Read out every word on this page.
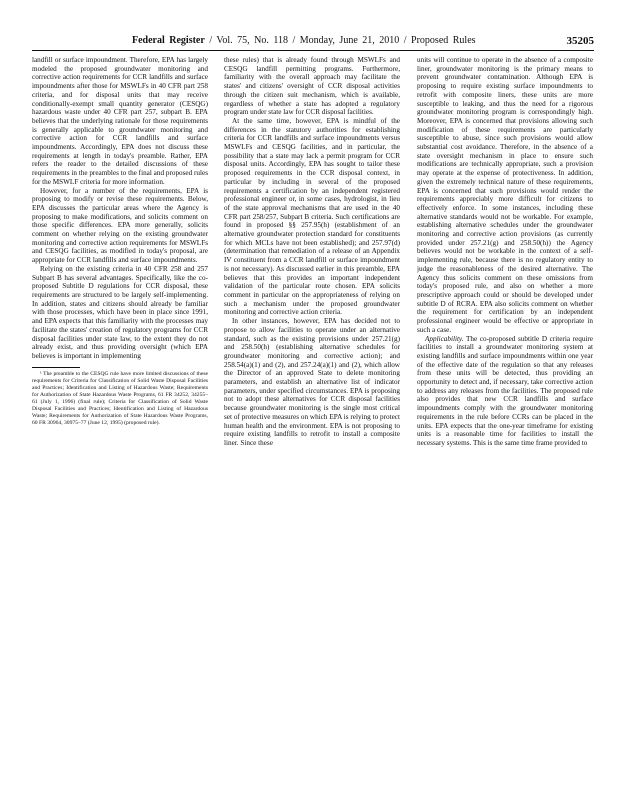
Federal Register / Vol. 75, No. 118 / Monday, June 21, 2010 / Proposed Rules	35205

landfill or surface impoundment. Therefore, EPA has largely modeled the proposed groundwater monitoring and corrective action requirements for CCR landfills and surface impoundments after those for MSWLFs in 40 CFR part 258 criteria, and for disposal units that may receive conditionally-exempt small quantity generator (CESQG) hazardous waste under 40 CFR part 257, subpart B. EPA believes that the underlying rationale for those requirements is generally applicable to groundwater monitoring and corrective action for CCR landfills and surface impoundments. Accordingly, EPA does not discuss these requirements at length in today's preamble. Rather, EPA refers the reader to the detailed discussions of these requirements in the preambles to the final and proposed rules for the MSWLF criteria for more information.

However, for a number of the requirements, EPA is proposing to modify or revise these requirements. Below, EPA discusses the particular areas where the Agency is proposing to make modifications, and solicits comment on those specific differences. EPA more generally, solicits comment on whether relying on the existing groundwater monitoring and corrective action requirements for MSWLFs and CESQG facilities, as modified in today's proposal, are appropriate for CCR landfills and surface impoundments.

Relying on the existing criteria in 40 CFR 258 and 257 Subpart B has several advantages. Specifically, like the co-proposed Subtitle D regulations for CCR disposal, these requirements are structured to be largely self-implementing. In addition, states and citizens should already be familiar with those processes, which have been in place since 1991, and EPA expects that this familiarity with the processes may facilitate the states' creation of regulatory programs for CCR disposal facilities under state law, to the extent they do not already exist, and thus providing oversight (which EPA believes is important in implementing

¹ The preamble to the CESQG rule have more limited discussions of these requirements for Criteria for Classification of Solid Waste Disposal Facilities and Practices; Identification and Listing of Hazardous Waste; Requirements for Authorization of State Hazardous Waste Programs, 61 FR 34252, 34255–61 (July 1, 1996) (final rule); Criteria for Classification of Solid Waste Disposal Facilities and Practices; Identification and Listing of Hazardous Waste; Requirements for Authorization of State Hazardous Waste Programs, 60 FR 30964, 30975–77 (June 12, 1995) (proposed rule).

these rules) that is already found through MSWLFs and CESQG landfill permitting programs. Furthermore, familiarity with the overall approach may facilitate the states' and citizens' oversight of CCR disposal activities through the citizen suit mechanism, which is available, regardless of whether a state has adopted a regulatory program under state law for CCR disposal facilities.

At the same time, however, EPA is mindful of the differences in the statutory authorities for establishing criteria for CCR landfills and surface impoundments versus MSWLFs and CESQG facilities, and in particular, the possibility that a state may lack a permit program for CCR disposal units. Accordingly, EPA has sought to tailor these proposed requirements in the CCR disposal context, in particular by including in several of the proposed requirements a certification by an independent registered professional engineer or, in some cases, hydrologist, in lieu of the state approval mechanisms that are used in the 40 CFR part 258/257, Subpart B criteria. Such certifications are found in proposed §§ 257.95(h) (establishment of an alternative groundwater protection standard for constituents for which MCLs have not been established); and 257.97(d) (determination that remediation of a release of an Appendix IV constituent from a CCR landfill or surface impoundment is not necessary). As discussed earlier in this preamble, EPA believes that this provides an important independent validation of the particular route chosen. EPA solicits comment in particular on the appropriateness of relying on such a mechanism under the proposed groundwater monitoring and corrective action criteria.

In other instances, however, EPA has decided not to propose to allow facilities to operate under an alternative standard, such as the existing provisions under 257.21(g) and 258.50(h) (establishing alternative schedules for groundwater monitoring and corrective action); and 258.54(a)(1) and (2), and 257.24(a)(1) and (2), which allow the Director of an approved State to delete monitoring parameters, and establish an alternative list of indicator parameters, under specified circumstances. EPA is proposing not to adopt these alternatives for CCR disposal facilities because groundwater monitoring is the single most critical set of protective measures on which EPA is relying to protect human health and the environment. EPA is not proposing to require existing landfills to retrofit to install a composite liner. Since these

units will continue to operate in the absence of a composite liner, groundwater monitoring is the primary means to prevent groundwater contamination. Although EPA is proposing to require existing surface impoundments to retrofit with composite liners, these units are more susceptible to leaking, and thus the need for a rigorous groundwater monitoring program is correspondingly high. Moreover, EPA is concerned that provisions allowing such modification of these requirements are particularly susceptible to abuse, since such provisions would allow substantial cost avoidance. Therefore, in the absence of a state oversight mechanism in place to ensure such modifications are technically appropriate, such a provision may operate at the expense of protectiveness. In addition, given the extremely technical nature of these requirements, EPA is concerned that such provisions would render the requirements appreciably more difficult for citizens to effectively enforce. In some instances, including these alternative standards would not be workable. For example, establishing alternative schedules under the groundwater monitoring and corrective action provisions (as currently provided under 257.21(g) and 258.50(h)) the Agency believes would not be workable in the context of a self-implementing rule, because there is no regulatory entity to judge the reasonableness of the desired alternative. The Agency thus solicits comment on these omissions from today's proposed rule, and also on whether a more prescriptive approach could or should be developed under subtitle D of RCRA. EPA also solicits comment on whether the requirement for certification by an independent professional engineer would be effective or appropriate in such a case.

Applicability. The co-proposed subtitle D criteria require facilities to install a groundwater monitoring system at existing landfills and surface impoundments within one year of the effective date of the regulation so that any releases from these units will be detected, thus providing an opportunity to detect and, if necessary, take corrective action to address any releases from the facilities. The proposed rule also provides that new CCR landfills and surface impoundments comply with the groundwater monitoring requirements in the rule before CCRs can be placed in the units. EPA expects that the one-year timeframe for existing units is a reasonable time for facilities to install the necessary systems. This is the same time frame provided to
